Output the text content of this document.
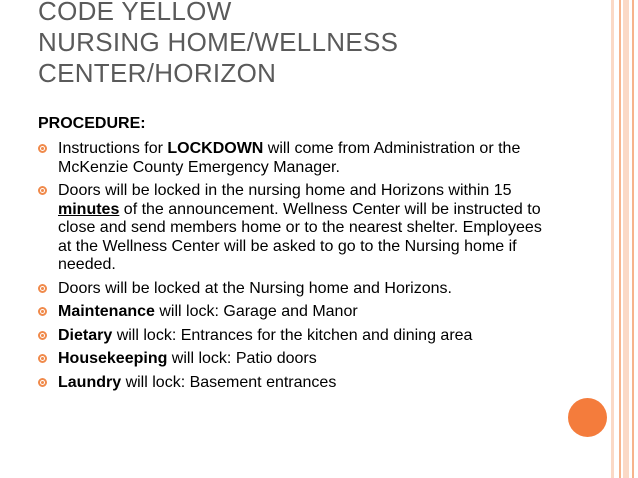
CODE YELLOW
NURSING HOME/WELLNESS
CENTER/HORIZON

PROCEDURE:

Instructions for LOCKDOWN will come from Administration or the McKenzie County Emergency Manager.
Doors will be locked in the nursing home and Horizons within 15 minutes of the announcement. Wellness Center will be instructed to close and send members home or to the nearest shelter. Employees at the Wellness Center will be asked to go to the Nursing home if needed.
Doors will be locked at the Nursing home and Horizons.
Maintenance will lock: Garage and Manor
Dietary will lock: Entrances for the kitchen and dining area
Housekeeping will lock: Patio doors
Laundry will lock: Basement entrances
